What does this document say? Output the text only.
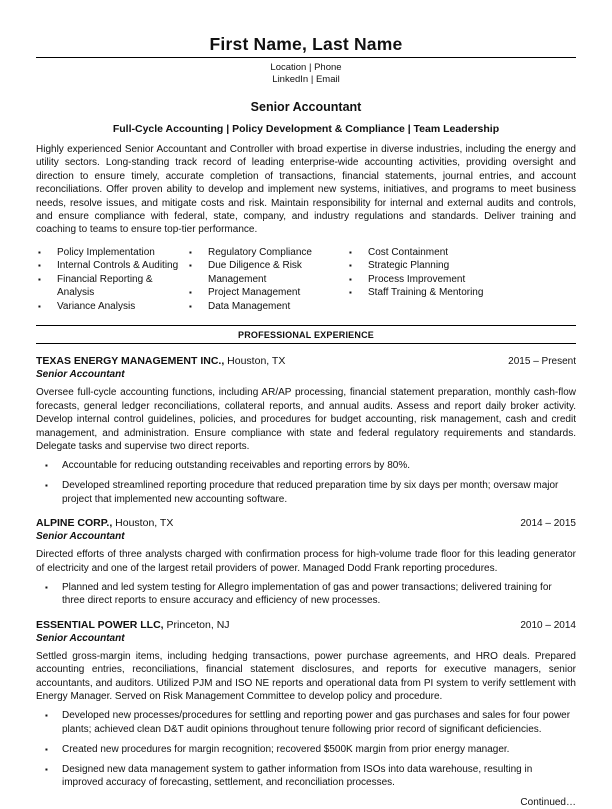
First Name, Last Name
Location | Phone
LinkedIn | Email
Senior Accountant
Full-Cycle Accounting | Policy Development & Compliance | Team Leadership

Highly experienced Senior Accountant and Controller with broad expertise in diverse industries, including the energy and utility sectors. Long-standing track record of leading enterprise-wide accounting activities, providing oversight and direction to ensure timely, accurate completion of transactions, financial statements, journal entries, and account reconciliations. Offer proven ability to develop and implement new systems, initiatives, and programs to meet business needs, resolve issues, and mitigate costs and risk. Maintain responsibility for internal and external audits and controls, and ensure compliance with federal, state, company, and industry regulations and standards. Deliver training and coaching to teams to ensure top-tier performance.

▪ Policy Implementation
▪ Internal Controls & Auditing
▪ Financial Reporting & Analysis
▪ Variance Analysis
▪ Regulatory Compliance
▪ Due Diligence & Risk Management
▪ Project Management
▪ Data Management
▪ Cost Containment
▪ Strategic Planning
▪ Process Improvement
▪ Staff Training & Mentoring
PROFESSIONAL EXPERIENCE
TEXAS ENERGY MANAGEMENT INC., Houston, TX	2015 – Present
Senior Accountant

Oversee full-cycle accounting functions, including AR/AP processing, financial statement preparation, monthly cash-flow forecasts, general ledger reconciliations, collateral reports, and annual audits. Assess and report daily broker activity. Develop internal control guidelines, policies, and procedures for budget accounting, risk management, cash and credit management, and administration. Ensure compliance with state and federal regulatory requirements and standards. Delegate tasks and supervise two direct reports.

▪ Accountable for reducing outstanding receivables and reporting errors by 80%.
▪ Developed streamlined reporting procedure that reduced preparation time by six days per month; oversaw major project that implemented new accounting software.
ALPINE CORP., Houston, TX	2014 – 2015
Senior Accountant

Directed efforts of three analysts charged with confirmation process for high-volume trade floor for this leading generator of electricity and one of the largest retail providers of power. Managed Dodd Frank reporting procedures.

▪ Planned and led system testing for Allegro implementation of gas and power transactions; delivered training for three direct reports to ensure accuracy and efficiency of new processes.
ESSENTIAL POWER LLC, Princeton, NJ	2010 – 2014
Senior Accountant

Settled gross-margin items, including hedging transactions, power purchase agreements, and HRO deals. Prepared accounting entries, reconciliations, financial statement disclosures, and reports for executive managers, senior accountants, and auditors. Utilized PJM and ISO NE reports and operational data from PI system to verify settlement with Energy Manager. Served on Risk Management Committee to develop policy and procedure.

▪ Developed new processes/procedures for settling and reporting power and gas purchases and sales for four power plants; achieved clean D&T audit opinions throughout tenure following prior record of significant deficiencies.
▪ Created new procedures for margin recognition; recovered $500K margin from prior energy manager.
▪ Designed new data management system to gather information from ISOs into data warehouse, resulting in improved accuracy of forecasting, settlement, and reconciliation processes.
Continued…
